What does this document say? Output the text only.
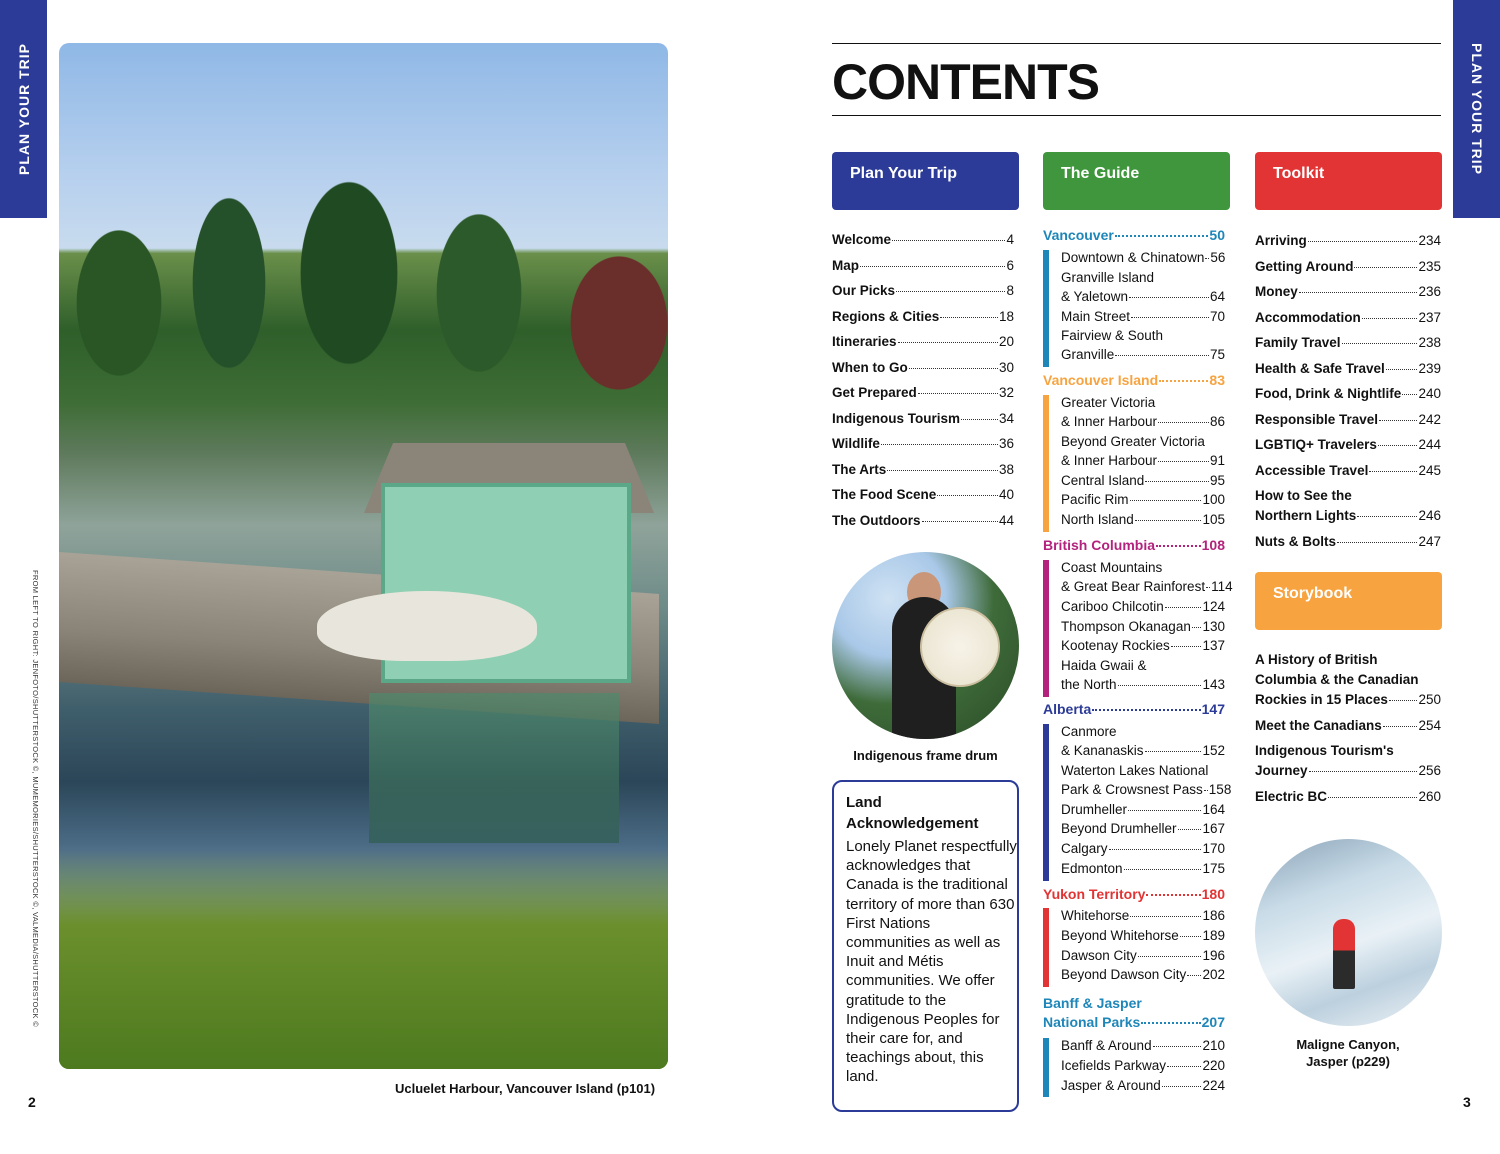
PLAN YOUR TRIP
FROM LEFT TO RIGHT: JENFOTO/SHUTTERSTOCK ©, MUMEMORIES/SHUTTERSTOCK ©, VALMEDIA/SHUTTERSTOCK ©
Ucluelet Harbour, Vancouver Island (p101)
2
CONTENTS	PLAN YOUR TRIP
Plan Your Trip
Welcome	4
Map	6
Our Picks	8
Regions & Cities	18
Itineraries	20
When to Go	30
Get Prepared	32
Indigenous Tourism	34
Wildlife	36
The Arts	38
The Food Scene	40
The Outdoors	44
Indigenous frame drum
Land Acknowledgement
Lonely Planet respectfully acknowledges that Canada is the traditional territory of more than 630 First Nations communities as well as Inuit and Métis communities. We offer gratitude to the Indigenous Peoples for their care for, and teachings about, this land.
The Guide
Vancouver	50
Downtown & Chinatown 56
Granville Island
& Yaletown	64
Main Street	70
Fairview & South
Granville	75
Vancouver Island	83
Greater Victoria
& Inner Harbour	86
Beyond Greater Victoria
& Inner Harbour	91
Central Island	95
Pacific Rim	100
North Island	105
British Columbia	108
Coast Mountains
& Great Bear Rainforest 114
Cariboo Chilcotin	124
Thompson Okanagan 130
Kootenay Rockies 137
Haida Gwaii &
the North	143
Alberta	147
Canmore
& Kananaskis	152
Waterton Lakes National
Park & Crowsnest Pass 158
Drumheller	164
Beyond Drumheller 167
Calgary	170
Edmonton	175
Yukon Territory	180
Whitehorse	186
Beyond Whitehorse 189
Dawson City	196
Beyond Dawson City 202
Banff & Jasper
National Parks	207
Banff & Around	210
Icefields Parkway	220
Jasper & Around	224
Toolkit
Arriving	234
Getting Around	235
Money	236
Accommodation	237
Family Travel	238
Health & Safe Travel 239
Food, Drink & Nightlife 240
Responsible Travel	242
LGBTIQ+ Travelers	244
Accessible Travel	245
How to See the
Northern Lights	246
Nuts & Bolts	247
Storybook
A History of British
Columbia & the Canadian
Rockies in 15 Places 250
Meet the Canadians	254
Indigenous Tourism's
Journey	256
Electric BC	260
Maligne Canyon,
Jasper (p229)
3
